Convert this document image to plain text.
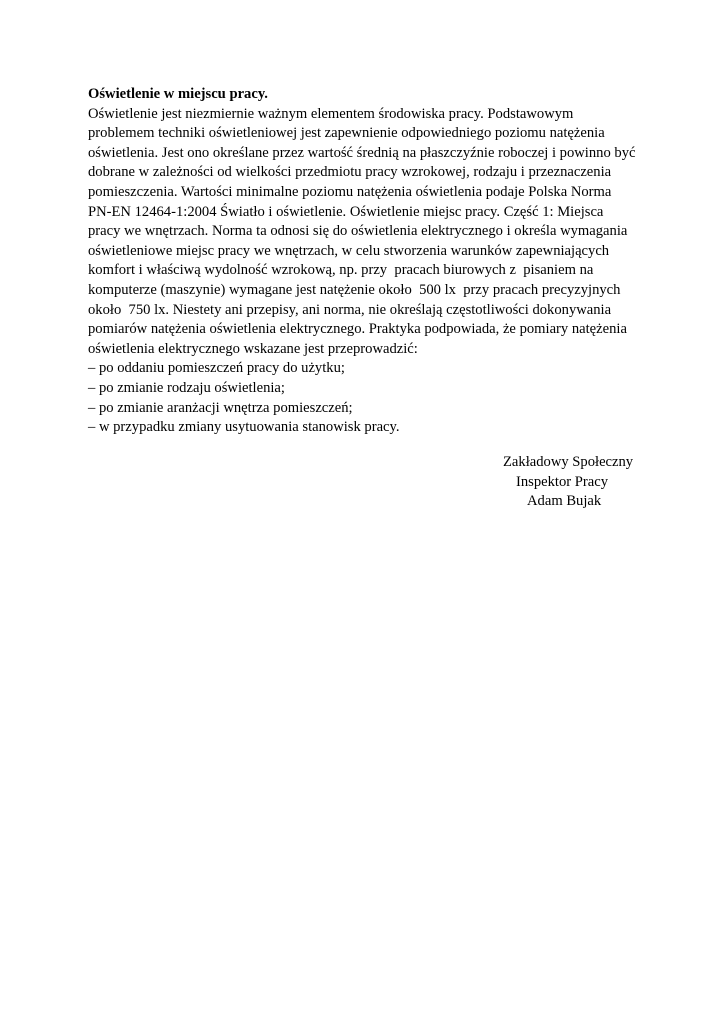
Oświetlenie w miejscu pracy.

Oświetlenie jest niezmiernie ważnym elementem środowiska pracy. Podstawowym

problemem techniki oświetleniowej jest zapewnienie odpowiedniego poziomu natężenia

oświetlenia. Jest ono określane przez wartość średnią na płaszczyźnie roboczej i powinno być

dobrane w zależności od wielkości przedmiotu pracy wzrokowej, rodzaju i przeznaczenia

pomieszczenia. Wartości minimalne poziomu natężenia oświetlenia podaje Polska Norma

PN-EN 12464-1:2004 Światło i oświetlenie. Oświetlenie miejsc pracy. Część 1: Miejsca

pracy we wnętrzach. Norma ta odnosi się do oświetlenia elektrycznego i określa wymagania

oświetleniowe miejsc pracy we wnętrzach, w celu stworzenia warunków zapewniających

komfort i właściwą wydolność wzrokową, np. przy  pracach biurowych z  pisaniem na

komputerze (maszynie) wymagane jest natężenie około  500 lx  przy pracach precyzyjnych

około  750 lx. Niestety ani przepisy, ani norma, nie określają częstotliwości dokonywania

pomiarów natężenia oświetlenia elektrycznego. Praktyka podpowiada, że pomiary natężenia

oświetlenia elektrycznego wskazane jest przeprowadzić:

– po oddaniu pomieszczeń pracy do użytku;
– po zmianie rodzaju oświetlenia;
– po zmianie aranżacji wnętrza pomieszczeń;
– w przypadku zmiany usytuowania stanowisk pracy.
Zakładowy Społeczny
Inspektor Pracy
Adam Bujak
